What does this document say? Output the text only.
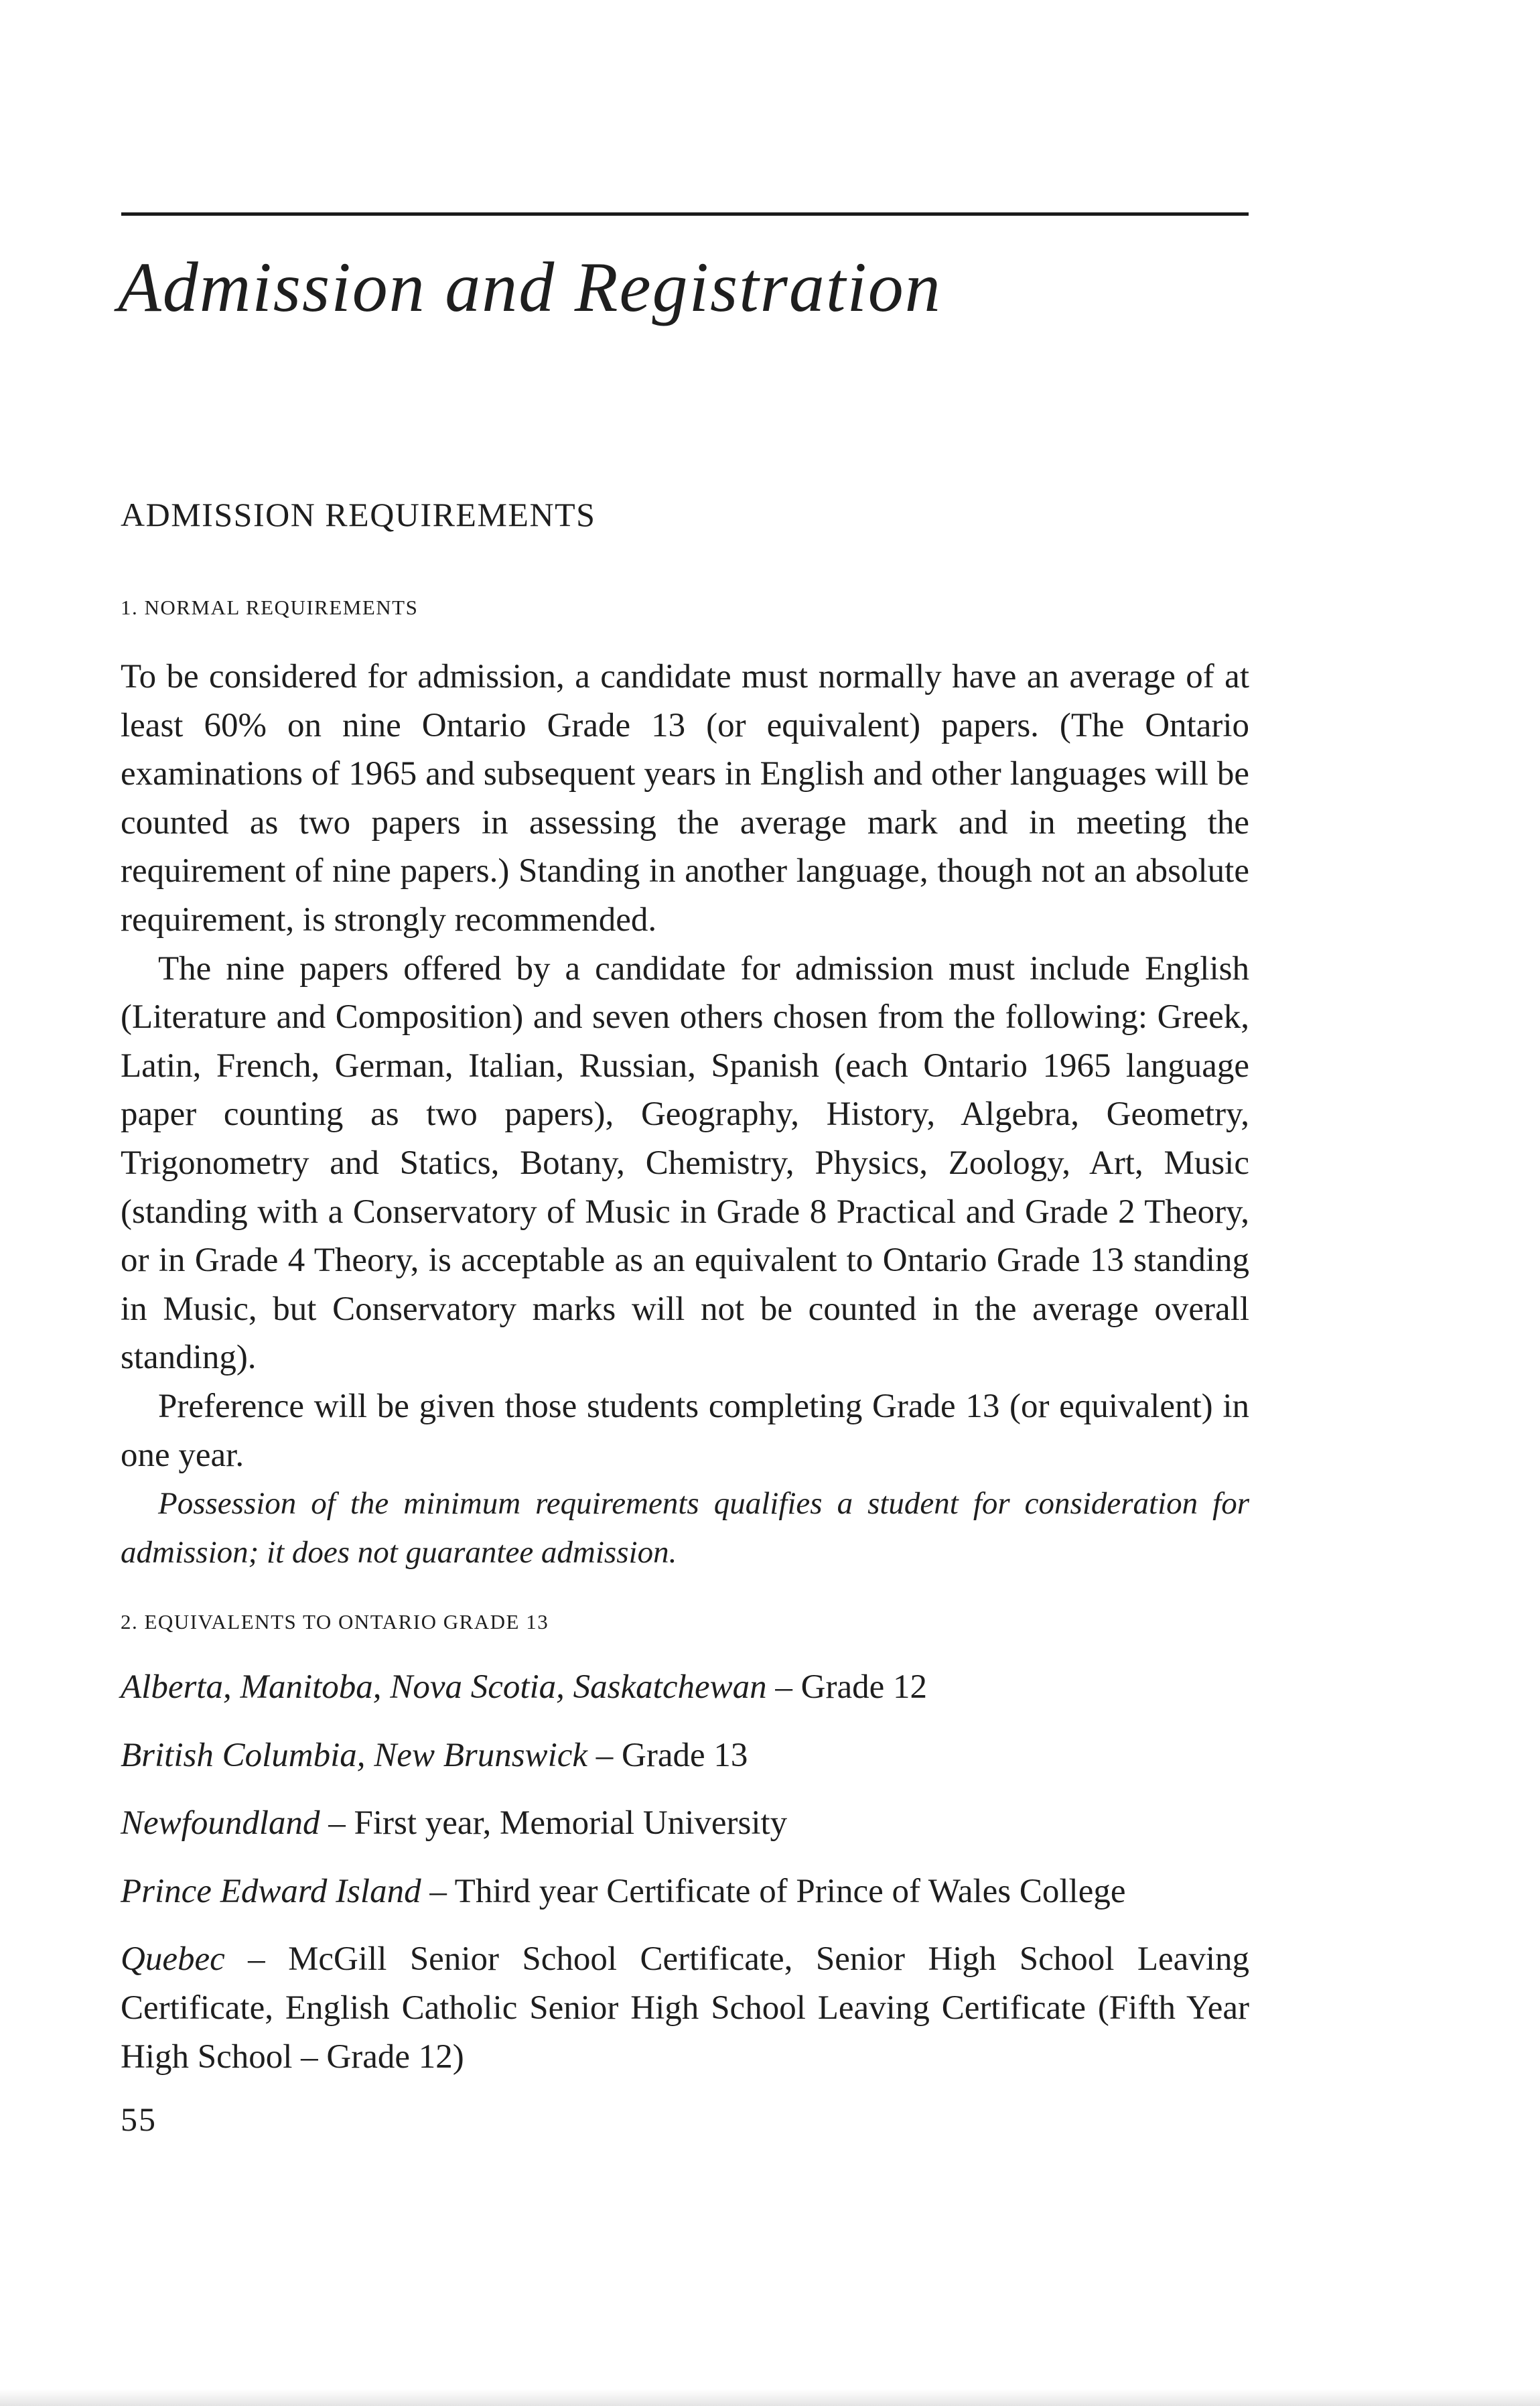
Admission and Registration
ADMISSION REQUIREMENTS
1. NORMAL REQUIREMENTS

To be considered for admission, a candidate must normally have an average of at least 60% on nine Ontario Grade 13 (or equivalent) papers. (The Ontario examinations of 1965 and subsequent years in English and other languages will be counted as two papers in assessing the average mark and in meeting the requirement of nine papers.) Standing in another language, though not an absolute requirement, is strongly recommended.

The nine papers offered by a candidate for admission must include English (Literature and Composition) and seven others chosen from the following: Greek, Latin, French, German, Italian, Russian, Spanish (each Ontario 1965 language paper counting as two papers), Geography, History, Algebra, Geometry, Trigonometry and Statics, Botany, Chemistry, Physics, Zoology, Art, Music (standing with a Conservatory of Music in Grade 8 Practical and Grade 2 Theory, or in Grade 4 Theory, is acceptable as an equivalent to Ontario Grade 13 standing in Music, but Conservatory marks will not be counted in the average overall standing).

Preference will be given those students completing Grade 13 (or equivalent) in one year.

Possession of the minimum requirements qualifies a student for consideration for admission; it does not guarantee admission.

2. EQUIVALENTS TO ONTARIO GRADE 13

Alberta, Manitoba, Nova Scotia, Saskatchewan – Grade 12

British Columbia, New Brunswick – Grade 13

Newfoundland – First year, Memorial University

Prince Edward Island – Third year Certificate of Prince of Wales College

Quebec – McGill Senior School Certificate, Senior High School Leaving Certificate, English Catholic Senior High School Leaving Certificate (Fifth Year High School – Grade 12)

55
